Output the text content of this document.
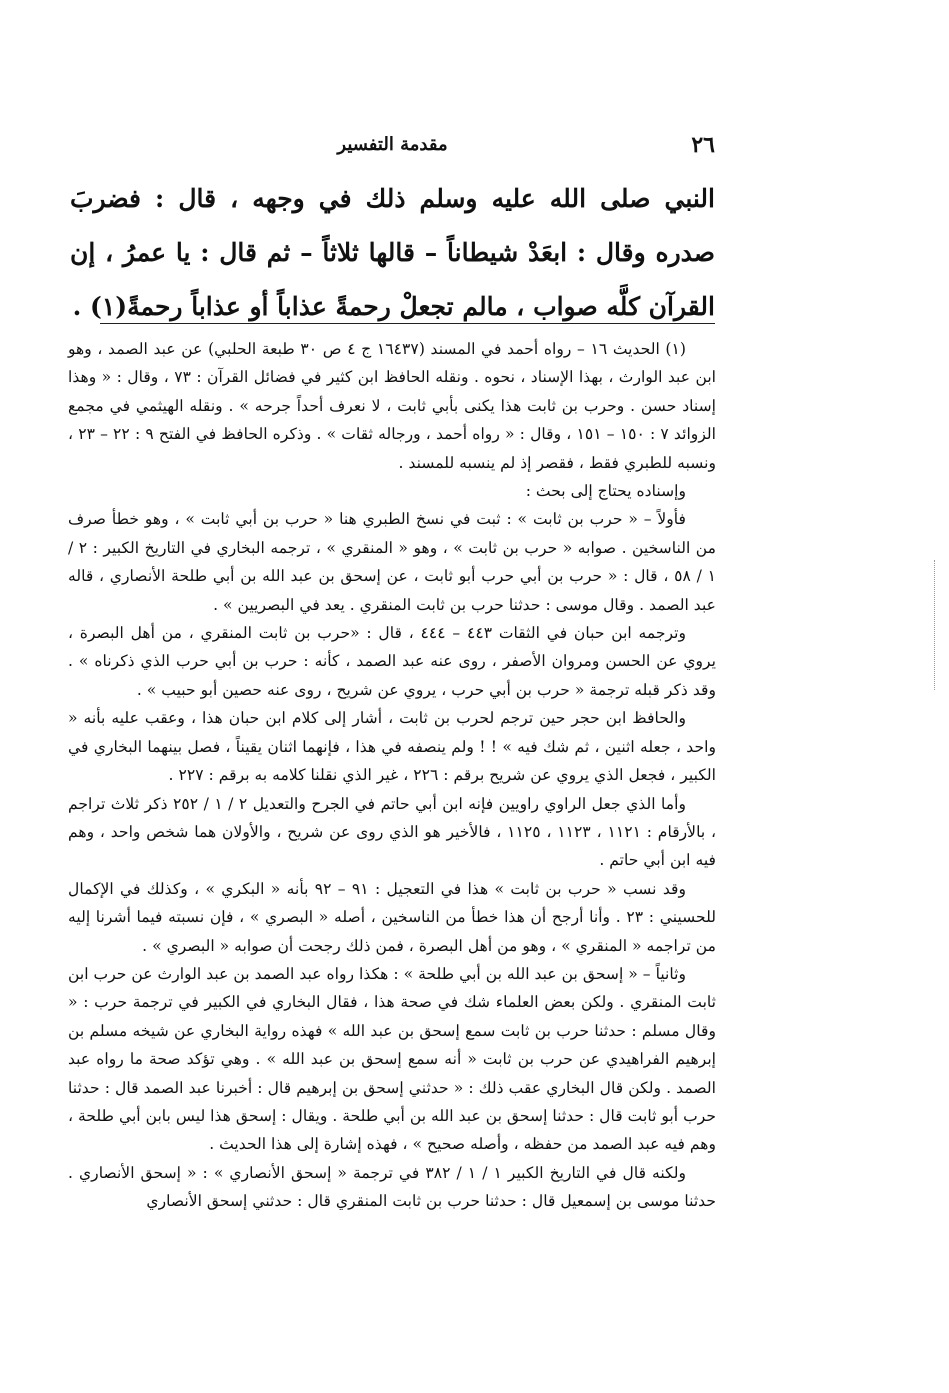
٢٦
مقدمة التفسير

النبي صلى الله عليه وسلم ذلك في وجهه ، قال : فضربَ صدره وقال : ابعَدْ شيطاناً – قالها ثلاثاً – ثم قال : يا عمرُ ، إن القرآن كلَّه صواب ، مالم تجعلْ رحمةً عذاباً أو عذاباً رحمةً(١) .

(١) الحديث ١٦ – رواه أحمد في المسند (١٦٤٣٧ ج ٤ ص ٣٠ طبعة الحلبي) عن عبد الصمد ، وهو ابن عبد الوارث ، بهذا الإسناد ، نحوه . ونقله الحافظ ابن كثير في فضائل القرآن : ٧٣ ، وقال : « وهذا إسناد حسن . وحرب بن ثابت هذا يكنى بأبي ثابت ، لا نعرف أحداً جرحه » . ونقله الهيثمي في مجمع الزوائد ٧ : ١٥٠ – ١٥١ ، وقال : « رواه أحمد ، ورجاله ثقات » . وذكره الحافظ في الفتح ٩ : ٢٢ – ٢٣ ، ونسبه للطبري فقط ، فقصر إذ لم ينسبه للمسند .

وإسناده يحتاج إلى بحث :

فأولاً – « حرب بن ثابت » : ثبت في نسخ الطبري هنا « حرب بن أبي ثابت » ، وهو خطأ صرف من الناسخين . صوابه « حرب بن ثابت » ، وهو « المنقري » ، ترجمه البخاري في التاريخ الكبير : ٢ / ١ / ٥٨ ، قال : « حرب بن أبي حرب أبو ثابت ، عن إسحق بن عبد الله بن أبي طلحة الأنصاري ، قاله عبد الصمد . وقال موسى : حدثنا حرب بن ثابت المنقري . يعد في البصريين » .

وترجمه ابن حبان في الثقات ٤٤٣ – ٤٤٤ ، قال : «حرب بن ثابت المنقري ، من أهل البصرة ، يروي عن الحسن ومروان الأصفر ، روى عنه عبد الصمد ، كأنه : حرب بن أبي حرب الذي ذكرناه » . وقد ذكر قبله ترجمة « حرب بن أبي حرب ، يروي عن شريح ، روى عنه حصين أبو حبيب » .

والحافظ ابن حجر حين ترجم لحرب بن ثابت ، أشار إلى كلام ابن حبان هذا ، وعقب عليه بأنه « واحد ، جعله اثنين ، ثم شك فيه » ! ! ولم ينصفه في هذا ، فإنهما اثنان يقيناً ، فصل بينهما البخاري في الكبير ، فجعل الذي يروي عن شريح برقم : ٢٢٦ ، غير الذي نقلنا كلامه به برقم : ٢٢٧ .

وأما الذي جعل الراوي راويين فإنه ابن أبي حاتم في الجرح والتعديل ٢ / ١ / ٢٥٢ ذكر ثلاث تراجم ، بالأرقام : ١١٢١ ، ١١٢٣ ، ١١٢٥ ، فالأخير هو الذي روى عن شريح ، والأولان هما شخص واحد ، وهم فيه ابن أبي حاتم .

وقد نسب « حرب بن ثابت » هذا في التعجيل : ٩١ – ٩٢ بأنه « البكري » ، وكذلك في الإكمال للحسيني : ٢٣ . وأنا أرجح أن هذا خطأ من الناسخين ، أصله « البصري » ، فإن نسبته فيما أشرنا إليه من تراجمه « المنقري » ، وهو من أهل البصرة ، فمن ذلك رجحت أن صوابه « البصري » .

وثانياً – « إسحق بن عبد الله بن أبي طلحة » : هكذا رواه عبد الصمد بن عبد الوارث عن حرب ابن ثابت المنقري . ولكن بعض العلماء شك في صحة هذا ، فقال البخاري في الكبير في ترجمة حرب : « وقال مسلم : حدثنا حرب بن ثابت سمع إسحق بن عبد الله » فهذه رواية البخاري عن شيخه مسلم بن إبرهيم الفراهيدي عن حرب بن ثابت « أنه سمع إسحق بن عبد الله » . وهي تؤكد صحة ما رواه عبد الصمد . ولكن قال البخاري عقب ذلك : « حدثني إسحق بن إبرهيم قال : أخبرنا عبد الصمد قال : حدثنا حرب أبو ثابت قال : حدثنا إسحق بن عبد الله بن أبي طلحة . ويقال : إسحق هذا ليس بابن أبي طلحة ، وهم فيه عبد الصمد من حفظه ، وأصله صحيح » ، فهذه إشارة إلى هذا الحديث .

ولكنه قال في التاريخ الكبير ١ / ١ / ٣٨٢ في ترجمة « إسحق الأنصاري » : « إسحق الأنصاري . حدثنا موسى بن إسمعيل قال : حدثنا حرب بن ثابت المنقري قال : حدثني إسحق الأنصاري
